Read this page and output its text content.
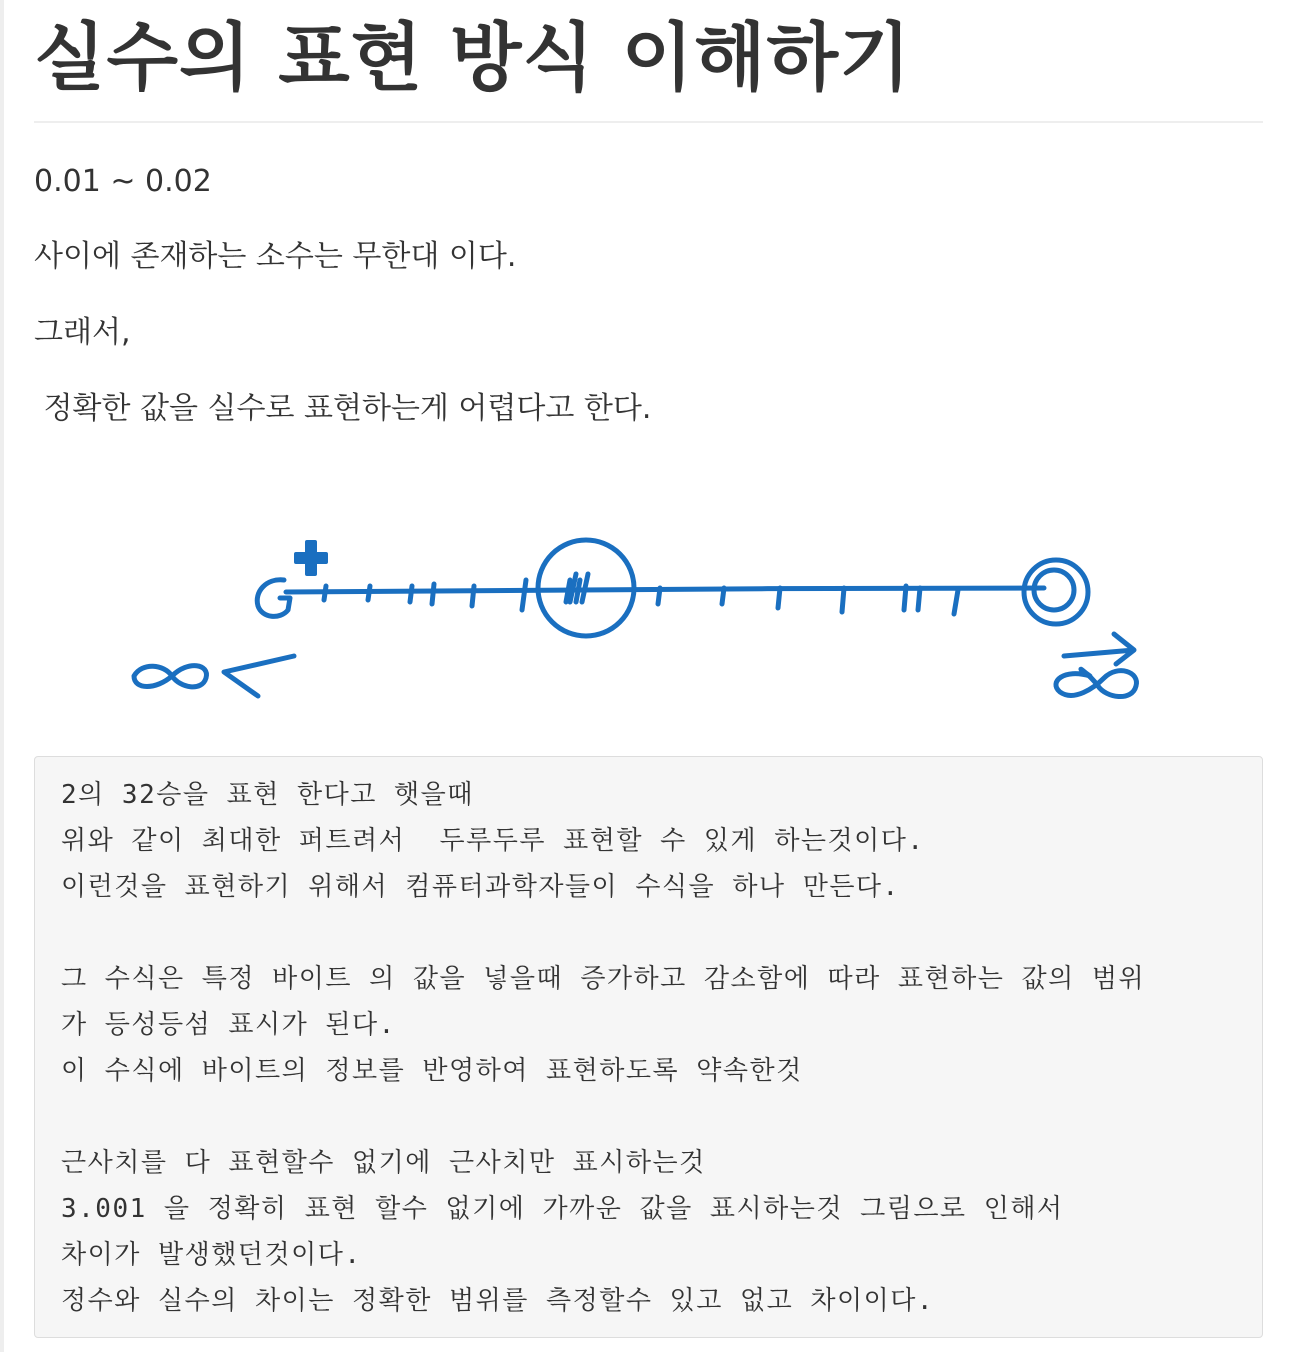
실수의 표현 방식 이해하기

0.01 ~ 0.02

사이에 존재하는 소수는 무한대 이다.

그래서,

정확한 값을 실수로 표현하는게 어렵다고 한다.

2의 32승을 표현 한다고 햇을때
위와 같이 최대한 퍼트려서  두루두루 표현할 수 있게 하는것이다.
이런것을 표현하기 위해서 컴퓨터과학자들이 수식을 하나 만든다.
그 수식은 특정 바이트 의 값을 넣을때 증가하고 감소함에 따라 표현하는 값의 범위
가 등성등섬 표시가 된다.
이 수식에 바이트의 정보를 반영하여 표현하도록 약속한것
근사치를 다 표현할수 없기에 근사치만 표시하는것
3.001 을 정확히 표현 할수 없기에 가까운 값을 표시하는것 그림으로 인해서
차이가 발생했던것이다.
정수와 실수의 차이는 정확한 범위를 측정할수 있고 없고 차이이다.
